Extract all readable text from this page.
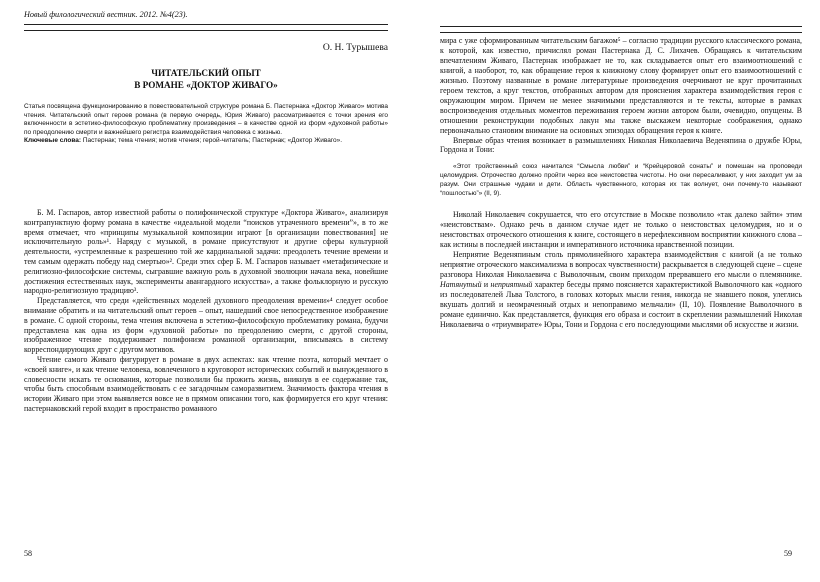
Новый филологический вестник. 2012. №4(23).
О. Н. Турышева
ЧИТАТЕЛЬСКИЙ ОПЫТ
В РОМАНЕ «ДОКТОР ЖИВАГО»

Статья посвящена функционированию в повествовательной структуре романа Б. Пастернака «Доктор Живаго» мотива чтения. Читательский опыт героев романа (в первую очередь, Юрия Живаго) рассматривается с точки зрения его включенности в эстетико-философскую проблематику произведения – в качестве одной из форм «духовной работы» по преодолению смерти и важнейшего регистра взаимодействия человека с жизнью.

Ключевые слова: Пастернак; тема чтения; мотив чтения; герой-читатель; Пастернак; «Доктор Живаго».

Б. М. Гаспаров, автор известной работы о полифонической структуре «Доктора Живаго», анализируя контрапунктную форму романа в качестве «идеальной модели “поисков утраченного времени”», в то же время отмечает, что «принципы музыкальной композиции играют [в организации повествования] не исключительную роль»¹. Наряду с музыкой, в романе присутствуют и другие сферы культурной деятельности, «устремленные к разрешению той же кардинальной задачи: преодолеть течение времени и тем самым одержать победу над смертью»². Среди этих сфер Б. М. Гаспаров называет «метафизические и религиозно-философские системы, сыгравшие важную роль в духовной эволюции начала века, новейшие достижения естественных наук, эксперименты авангардного искусства», а также фольклорную и русскую народно-религиозную традицию³.

Представляется, что среди «действенных моделей духовного преодоления времени»⁴ следует особое внимание обратить и на читательский опыт героев – опыт, нашедший свое непосредственное изображение в романе. С одной стороны, тема чтения включена в эстетико-философскую проблематику романа, будучи представлена как одна из форм «духовной работы» по преодолению смерти, с другой стороны, изображенное чтение поддерживает полифонизм романной организации, вписываясь в систему корреспондирующих друг с другом мотивов.

Чтение самого Живаго фигурирует в романе в двух аспектах: как чтение поэта, который мечтает о «своей книге», и как чтение человека, вовлеченного в круговорот исторических событий и вынужденного в словесности искать те основания, которые позволили бы прожить жизнь, вникнув в ее содержание так, чтобы быть способным взаимодействовать с ее загадочным саморазвитием. Значимость фактора чтения в истории Живаго при этом выявляется вовсе не в прямом описании того, как формируется его круг чтения: пастернаковский герой входит в пространство романного

58

мира с уже сформированным читательским багажом⁵ – согласно традиции русского классического романа, к которой, как известно, причислял роман Пастернака Д. С. Лихачев. Обращаясь к читательским впечатлениям Живаго, Пастернак изображает не то, как складывается опыт его взаимоотношений с книгой, а наоборот, то, как обращение героя к книжному слову формирует опыт его взаимоотношений с жизнью. Поэтому названные в романе литературные произведения очерчивают не круг прочитанных героем текстов, а круг текстов, отобранных автором для прояснения характера взаимодействия героя с окружающим миром. Причем не менее значимыми представляются и те тексты, которые в рамках воспроизведения отдельных моментов переживания героем жизни автором были, очевидно, опущены. В отношении реконструкции подобных лакун мы также выскажем некоторые соображения, однако первоначально становим внимание на основных эпизодах обращения героя к книге.

Впервые образ чтения возникает в размышлениях Николая Николаевича Веденяпина о дружбе Юры, Гордона и Тони:

«Этот тройственный союз начитался “Смысла любви” и “Крейцеровой сонаты” и помешан на проповеди целомудрия. Отрочество должно пройти через все неистовства чистоты. Но они пересаливают, у них заходит ум за разум. Они страшные чудаки и дети. Область чувственного, которая их так волнует, они почему-то называют “пошлостью”» (II, 9).

Николай Николаевич сокрушается, что его отсутствие в Москве позволило «так далеко зайти» этим «неистовствам». Однако речь в данном случае идет не только о неистовствах целомудрия, но и о неистовствах отроческого отношения к книге, состоящего в нерефлексивном восприятии книжного слова – как истины в последней инстанции и императивного источника нравственной позиции.

Неприятие Веденяпиным столь прямолинейного характера взаимодействия с книгой (а не только неприятие отроческого максимализма в вопросах чувственности) раскрывается в следующей сцене – сцене разговора Николая Николаевича с Выволочным, своим приходом прервавшего его мысли о племяннике. Натянутый и неприятный характер беседы прямо поясняется характеристикой Выволочного как «одного из последователей Льва Толстого, в головах которых мысли гения, никогда не знавшего покоя, улеглись вкушать долгий и неомраченный отдых и непоправимо мельчали» (II, 10). Появление Выволочного в романе единично. Как представляется, функция его образа и состоит в скреплении размышлений Николая Николаевича о «триумвирате» Юры, Тони и Гордона с его последующими мыслями об искусстве и жизни.

59
